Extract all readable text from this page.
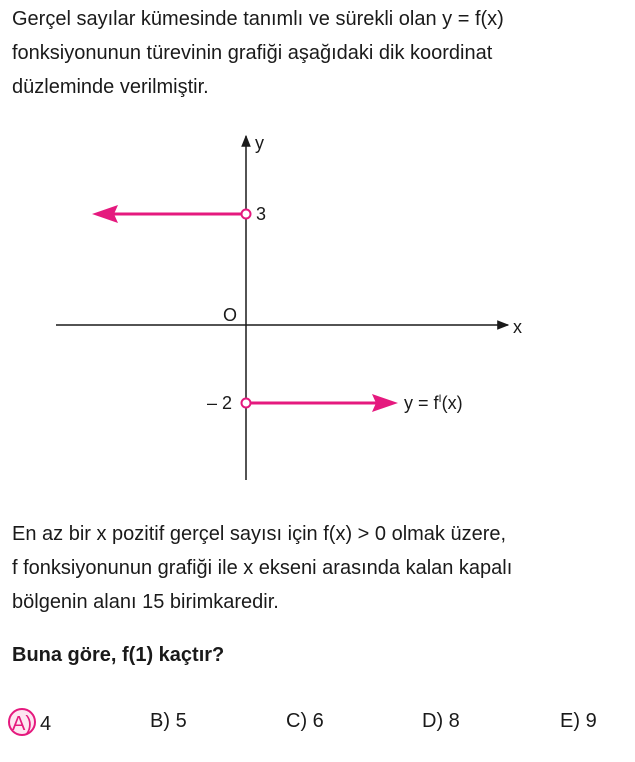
Gerçel sayılar kümesinde tanımlı ve sürekli olan y = f(x)
fonksiyonunun türevinin grafiği aşağıdaki dik koordinat
düzleminde verilmiştir.

y
x
O
3
– 2	$y = f^I(x)$

En az bir x pozitif gerçel sayısı için f(x) > 0 olmak üzere,
f fonksiyonunun grafiği ile x ekseni arasında kalan kapalı
bölgenin alanı 15 birimkaredir.

Buna göre, f(1) kaçtır?

A) 4	B) 5	C) 6	D) 8	E) 9
